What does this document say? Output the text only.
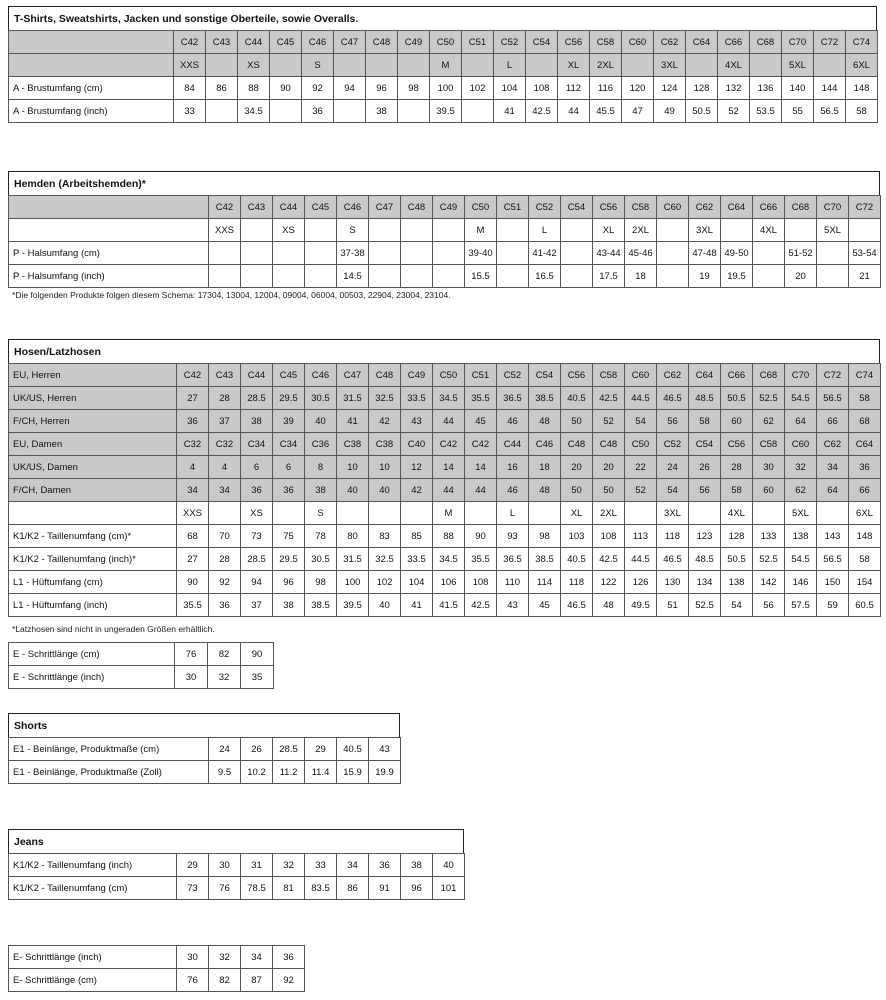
T-Shirts, Sweatshirts, Jacken und sonstige Oberteile, sowie Overalls.
	C42	C43	C44	C45	C46	C47	C48	C49	C50	C51	C52	C54	C56	C58	C60	C62	C64	C66	C68	C70	C72	C74
	XXS		XS		S				M		L		XL	2XL		3XL		4XL		5XL		6XL
A - Brustumfang (cm)	84	86	88	90	92	94	96	98	100	102	104	108	112	116	120	124	128	132	136	140	144	148
A - Brustumfang (inch)	33		34.5		36		38		39.5		41	42.5	44	45.5	47	49	50.5	52	53.5	55	56.5	58
Hemden (Arbeitshemden)*
	C42	C43	C44	C45	C46	C47	C48	C49	C50	C51	C52	C54	C56	C58	C60	C62	C64	C66	C68	C70	C72
	XXS		XS		S				M		L		XL	2XL		3XL		4XL		5XL	
P - Halsumfang (cm)					37-38				39-40		41-42		43-44	45-46		47-48	49-50		51-52		53-54
P - Halsumfang (inch)					14.5				15.5		16.5		17.5	18		19	19.5		20		21
*Die folgenden Produkte folgen diesem Schema: 17304, 13004, 12004, 09004, 06004, 00503, 22904, 23004, 23104.
Hosen/Latzhosen
EU, Herren	C42	C43	C44	C45	C46	C47	C48	C49	C50	C51	C52	C54	C56	C58	C60	C62	C64	C66	C68	C70	C72	C74
UK/US, Herren	27	28	28.5	29.5	30.5	31.5	32.5	33.5	34.5	35.5	36.5	38.5	40.5	42.5	44.5	46.5	48.5	50.5	52.5	54.5	56.5	58
F/CH, Herren	36	37	38	39	40	41	42	43	44	45	46	48	50	52	54	56	58	60	62	64	66	68
EU, Damen	C32	C32	C34	C34	C36	C38	C38	C40	C42	C42	C44	C46	C48	C48	C50	C52	C54	C56	C58	C60	C62	C64
UK/US, Damen	4	4	6	6	8	10	10	12	14	14	16	18	20	20	22	24	26	28	30	32	34	36
F/CH, Damen	34	34	36	36	38	40	40	42	44	44	46	48	50	50	52	54	56	58	60	62	64	66
	XXS		XS		S				M		L		XL	2XL		3XL		4XL		5XL		6XL
K1/K2 - Taillenumfang (cm)*	68	70	73	75	78	80	83	85	88	90	93	98	103	108	113	118	123	128	133	138	143	148
K1/K2 - Taillenumfang (inch)*	27	28	28.5	29.5	30.5	31.5	32.5	33.5	34.5	35.5	36.5	38.5	40.5	42.5	44.5	46.5	48.5	50.5	52.5	54.5	56.5	58
L1 - Hüftumfang (cm)	90	92	94	96	98	100	102	104	106	108	110	114	118	122	126	130	134	138	142	146	150	154
L1 - Hüftumfang (inch)	35.5	36	37	38	38.5	39.5	40	41	41.5	42.5	43	45	46.5	48	49.5	51	52.5	54	56	57.5	59	60.5
*Latzhosen sind nicht in ungeraden Größen erhältlich.
E - Schrittlänge (cm)	76	82	90
E - Schrittlänge (inch)	30	32	35
Shorts
E1 - Beinlänge, Produktmaße (cm)	24	26	28.5	29	40.5	43
E1 - Beinlänge, Produktmaße (Zoll)	9.5	10.2	11.2	11.4	15.9	19.9
Jeans
K1/K2 - Taillenumfang (inch)	29	30	31	32	33	34	36	38	40
K1/K2 - Taillenumfang (cm)	73	76	78.5	81	83.5	86	91	96	101
E- Schrittlänge (inch)	30	32	34	36
E- Schrittlänge (cm)	76	82	87	92
